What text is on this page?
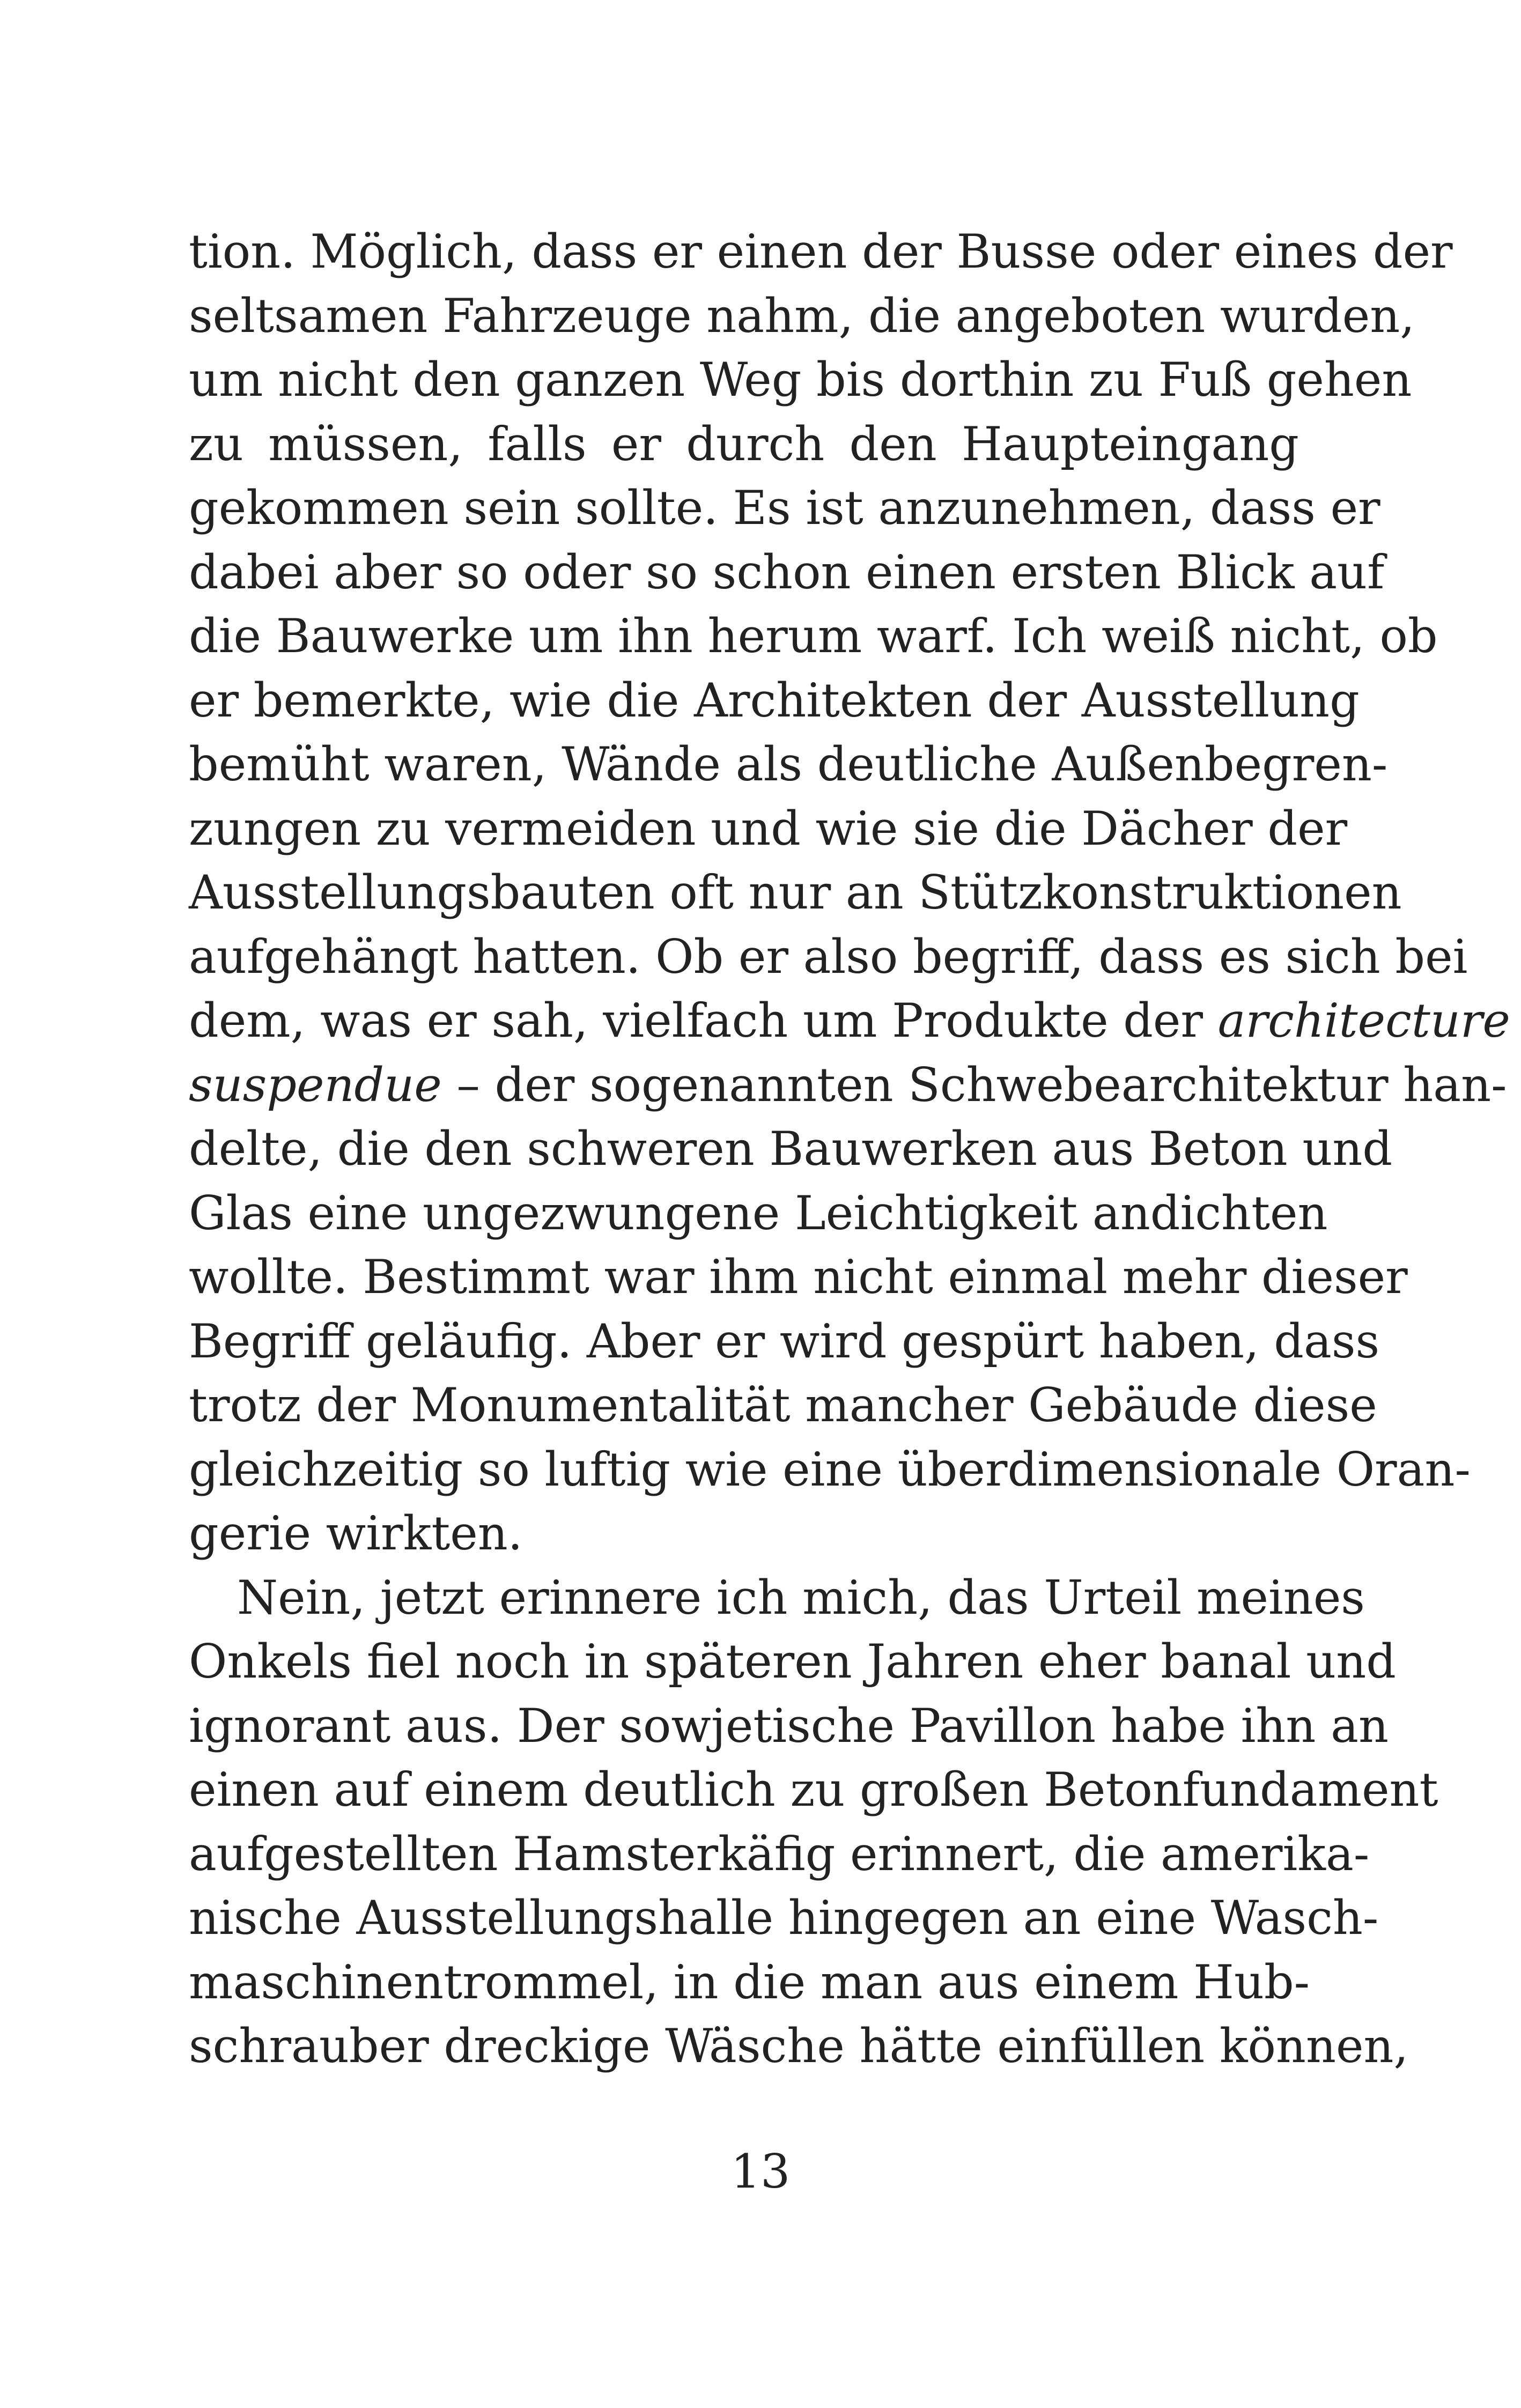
tion. Möglich, dass er einen der Busse oder eines der
seltsamen Fahrzeuge nahm, die angeboten wurden,
um nicht den ganzen Weg bis dorthin zu Fuß gehen
zu müssen, falls er durch den Haupteingang
gekommen sein sollte. Es ist anzunehmen, dass er
dabei aber so oder so schon einen ersten Blick auf
die Bauwerke um ihn herum warf. Ich weiß nicht, ob
er bemerkte, wie die Architekten der Ausstellung
bemüht waren, Wände als deutliche Außenbegren-
zungen zu vermeiden und wie sie die Dächer der
Ausstellungsbauten oft nur an Stützkonstruktionen
aufgehängt hatten. Ob er also begriff, dass es sich bei
dem, was er sah, vielfach um Produkte der architecture
suspendue – der sogenannten Schwebearchitektur han-
delte, die den schweren Bauwerken aus Beton und
Glas eine ungezwungene Leichtigkeit andichten
wollte. Bestimmt war ihm nicht einmal mehr dieser
Begriff geläufig. Aber er wird gespürt haben, dass
trotz der Monumentalität mancher Gebäude diese
gleichzeitig so luftig wie eine überdimensionale Oran-
gerie wirkten.
Nein, jetzt erinnere ich mich, das Urteil meines
Onkels fiel noch in späteren Jahren eher banal und
ignorant aus. Der sowjetische Pavillon habe ihn an
einen auf einem deutlich zu großen Betonfundament
aufgestellten Hamsterkäfig erinnert, die amerika-
nische Ausstellungshalle hingegen an eine Wasch-
maschinentrommel, in die man aus einem Hub-
schrauber dreckige Wäsche hätte einfüllen können,
13
